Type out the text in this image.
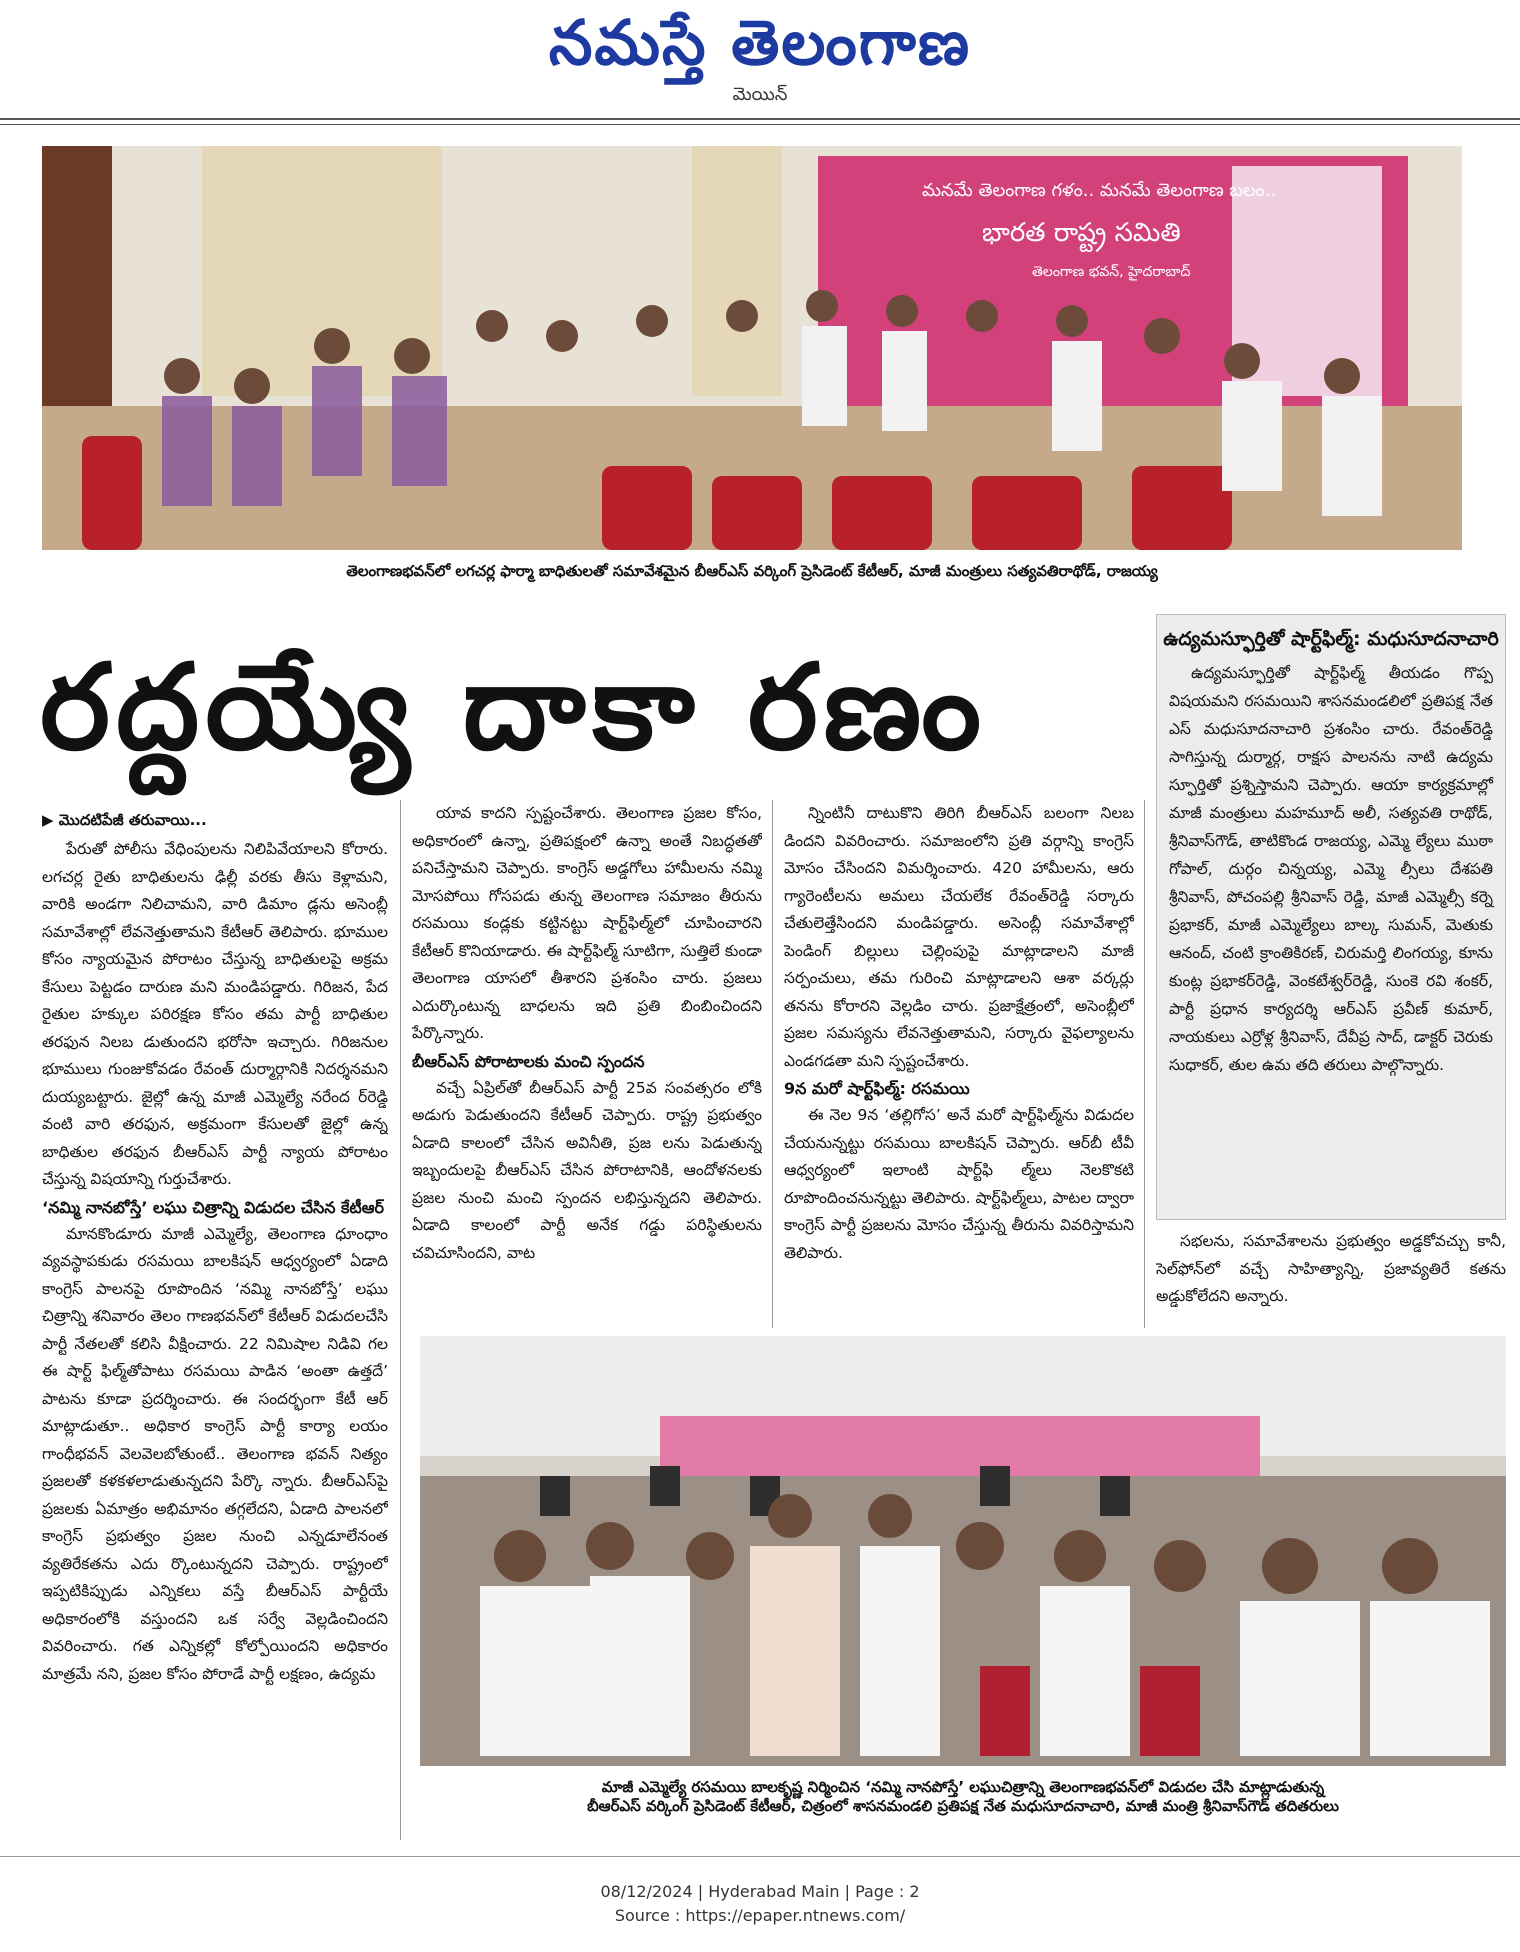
నమస్తే తెలంగాణ
మెయిన్
మనమే తెలంగాణ గళం.. మనమే తెలంగాణ బలం..
భారత రాష్ట్ర సమితి
తెలంగాణ భవన్, హైదరాబాద్
తెలంగాణభవన్‌లో లగచర్ల ఫార్మా బాధితులతో సమావేశమైన బీఆర్‌ఎస్ వర్కింగ్ ప్రెసిడెంట్ కేటీఆర్, మాజీ మంత్రులు సత్యవతిరాథోడ్, రాజయ్య
రద్దయ్యే దాకా రణం	ఉద్యమస్ఫూర్తితో షార్ట్‌ఫిల్మ్: మధుసూదనాచారి

ఉద్యమస్ఫూర్తితో షార్ట్‌ఫిల్మ్ తీయడం గొప్ప విషయమని రసమయిని శాసనమండలిలో ప్రతిపక్ష నేత ఎస్ మధుసూదనాచారి ప్రశంసిం చారు. రేవంత్‌రెడ్డి సాగిస్తున్న దుర్మార్గ, రాక్షస పాలనను నాటి ఉద్యమ స్ఫూర్తితో ప్రశ్నిస్తామని చెప్పారు. ఆయా కార్యక్రమాల్లో మాజీ మంత్రులు మహమూద్ అలీ, సత్యవతి రాథోడ్, శ్రీనివాస్‌గౌడ్, తాటికొండ రాజయ్య, ఎమ్మె ల్యేలు ముఠా గోపాల్, దుర్గం చిన్నయ్య, ఎమ్మె ల్సీలు దేశపతి శ్రీనివాస్, పోచంపల్లి శ్రీనివాస్ రెడ్డి, మాజీ ఎమ్మెల్సీ కర్నె ప్రభాకర్, మాజీ ఎమ్మెల్యేలు బాల్క సుమన్, మెతుకు ఆనంద్, చంటి క్రాంతికిరణ్, చిరుమర్తి లింగయ్య, కూను కుంట్ల ప్రభాకర్‌రెడ్డి, వెంకటేశ్వర్‌రెడ్డి, సుంకె రవి శంకర్, పార్టీ ప్రధాన కార్యదర్శి ఆర్‌ఎస్ ప్రవీణ్ కుమార్, నాయకులు ఎర్రోళ్ల శ్రీనివాస్, దేవీప్ర సాద్, డాక్టర్ చెరుకు సుధాకర్, తుల ఉమ తది తరులు పాల్గొన్నారు.

▶ మొదటిపేజీ తరువాయి...

పేరుతో పోలీసు వేధింపులను నిలిపివేయాలని కోరారు. లగచర్ల రైతు బాధితులను ఢిల్లీ వరకు తీసు కెళ్లామని, వారికి అండగా నిలిచామని, వారి డిమాం డ్లను అసెంబ్లీ సమావేశాల్లో లేవనెత్తుతామని కేటీఆర్ తెలిపారు. భూముల కోసం న్యాయమైన పోరాటం చేస్తున్న బాధితులపై అక్రమ కేసులు పెట్టడం దారుణ మని మండిపడ్డారు. గిరిజన, పేద రైతుల హక్కుల పరిరక్షణ కోసం తమ పార్టీ బాధితుల తరఫున నిలబ డుతుందని భరోసా ఇచ్చారు. గిరిజనుల భూములు గుంజుకోవడం రేవంత్ దుర్మార్గానికి నిదర్శనమని దుయ్యబట్టారు. జైల్లో ఉన్న మాజీ ఎమ్మెల్యే నరేంద ర్‌రెడ్డి వంటి వారి తరఫున, అక్రమంగా కేసులతో జైల్లో ఉన్న బాధితుల తరఫున బీఆర్‌ఎస్ పార్టీ న్యాయ పోరాటం చేస్తున్న విషయాన్ని గుర్తుచేశారు.

‘నమ్మి నానబోస్తే’ లఘు చిత్రాన్ని విడుదల చేసిన కేటీఆర్

మానకొండూరు మాజీ ఎమ్మెల్యే, తెలంగాణ ధూంధాం వ్యవస్థాపకుడు రసమయి బాలకిషన్ ఆధ్వర్యంలో ఏడాది కాంగ్రెస్ పాలనపై రూపొందిన ‘నమ్మి నానబోస్తే’ లఘు చిత్రాన్ని శనివారం తెలం గాణభవన్‌లో కేటీఆర్ విడుదలచేసి పార్టీ నేతలతో కలిసి వీక్షించారు. 22 నిమిషాల నిడివి గల ఈ షార్ట్ ఫిల్మ్‌తోపాటు రసమయి పాడిన ‘అంతా ఉత్తదే’ పాటను కూడా ప్రదర్శించారు. ఈ సందర్భంగా కేటీ ఆర్ మాట్లాడుతూ.. అధికార కాంగ్రెస్ పార్టీ కార్యా లయం గాంధీభవన్ వెలవెలబోతుంటే.. తెలంగాణ భవన్ నిత్యం ప్రజలతో కళకళలాడుతున్నదని పేర్కొ న్నారు. బీఆర్‌ఎస్‌పై ప్రజలకు ఏమాత్రం అభిమానం తగ్గలేదని, ఏడాది పాలనలో కాంగ్రెస్ ప్రభుత్వం ప్రజల నుంచి ఎన్నడూలేనంత వ్యతిరేకతను ఎదు ర్కొంటున్నదని చెప్పారు. రాష్ట్రంలో ఇప్పటికిప్పుడు ఎన్నికలు వస్తే బీఆర్‌ఎస్ పార్టీయే అధికారంలోకి వస్తుందని ఒక సర్వే వెల్లడించిందని వివరించారు. గత ఎన్నికల్లో కోల్పోయిందని అధికారం మాత్రమే నని, ప్రజల కోసం పోరాడే పార్టీ లక్షణం, ఉద్యమ

యావ కాదని స్పష్టంచేశారు. తెలంగాణ ప్రజల కోసం, అధికారంలో ఉన్నా, ప్రతిపక్షంలో ఉన్నా అంతే నిబద్ధతతో పనిచేస్తామని చెప్పారు. కాంగ్రెస్ అడ్డగోలు హామీలను నమ్మి మోసపోయి గోసపడు తున్న తెలంగాణ సమాజం తీరును రసమయి కండ్లకు కట్టినట్టు షార్ట్‌ఫిల్మ్‌లో చూపించారని కేటీఆర్ కొనియాడారు. ఈ షార్ట్‌ఫిల్మ్ సూటిగా, సుత్తిలే కుండా తెలంగాణ యాసలో తీశారని ప్రశంసిం చారు. ప్రజలు ఎదుర్కొంటున్న బాధలను ఇది ప్రతి బింబించిందని పేర్కొన్నారు.

బీఆర్‌ఎస్ పోరాటాలకు మంచి స్పందన

వచ్చే ఏప్రిల్‌తో బీఆర్‌ఎస్ పార్టీ 25వ సంవత్సరం లోకి అడుగు పెడుతుందని కేటీఆర్ చెప్పారు. రాష్ట్ర ప్రభుత్వం ఏడాది కాలంలో చేసిన అవినీతి, ప్రజ లను పెడుతున్న ఇబ్బందులపై బీఆర్‌ఎస్ చేసిన పోరాటానికి, ఆందోళనలకు ప్రజల నుంచి మంచి స్పందన లభిస్తున్నదని తెలిపారు. ఏడాది కాలంలో పార్టీ అనేక గడ్డు పరిస్థితులను చవిచూసిందని, వాట

న్నింటినీ దాటుకొని తిరిగి బీఆర్‌ఎస్ బలంగా నిలబ డిందని వివరించారు. సమాజంలోని ప్రతి వర్గాన్ని కాంగ్రెస్ మోసం చేసిందని విమర్శించారు. 420 హామీలను, ఆరు గ్యారెంటీలను అమలు చేయలేక రేవంత్‌రెడ్డి సర్కారు చేతులెత్తేసిందని మండిపడ్డారు. అసెంబ్లీ సమావేశాల్లో పెండింగ్ బిల్లులు చెల్లింపుపై మాట్లాడాలని మాజీ సర్పంచులు, తమ గురించి మాట్లాడాలని ఆశా వర్కర్లు తనను కోరారని వెల్లడిం చారు. ప్రజాక్షేత్రంలో, అసెంబ్లీలో ప్రజల సమస్యను లేవనెత్తుతామని, సర్కారు వైఫల్యాలను ఎండగడతా మని స్పష్టంచేశారు.

9న మరో షార్ట్‌ఫిల్మ్: రసమయి

ఈ నెల 9న ‘తల్లిగోస’ అనే మరో షార్ట్‌ఫిల్మ్‌ను విడుదల చేయనున్నట్టు రసమయి బాలకిషన్ చెప్పారు. ఆర్‌బీ టీవీ ఆధ్వర్యంలో ఇలాంటి షార్ట్‌ఫి ల్మ్‌లు నెలకొకటి రూపొందించనున్నట్టు తెలిపారు. షార్ట్‌ఫిల్మ్‌లు, పాటల ద్వారా కాంగ్రెస్ పార్టీ ప్రజలను మోసం చేస్తున్న తీరును వివరిస్తామని తెలిపారు.

సభలను, సమావేశాలను ప్రభుత్వం అడ్డకోవచ్చు కానీ, సెల్‌ఫోన్‌లో వచ్చే సాహిత్యాన్ని, ప్రజావ్యతిరే కతను అడ్డుకోలేదని అన్నారు.

మాజీ ఎమ్మెల్యే రసమయి బాలకృష్ణ నిర్మించిన ‘నమ్మి నానపోస్తే’ లఘుచిత్రాన్ని తెలంగాణభవన్‌లో విడుదల చేసి మాట్లాడుతున్న
బీఆర్‌ఎస్ వర్కింగ్ ప్రెసిడెంట్ కేటీఆర్, చిత్రంలో శాసనమండలి ప్రతిపక్ష నేత మధుసూదనాచారి, మాజీ మంత్రి శ్రీనివాస్‌గౌడ్ తదితరులు
08/12/2024 | Hyderabad Main | Page : 2
Source : https://epaper.ntnews.com/
